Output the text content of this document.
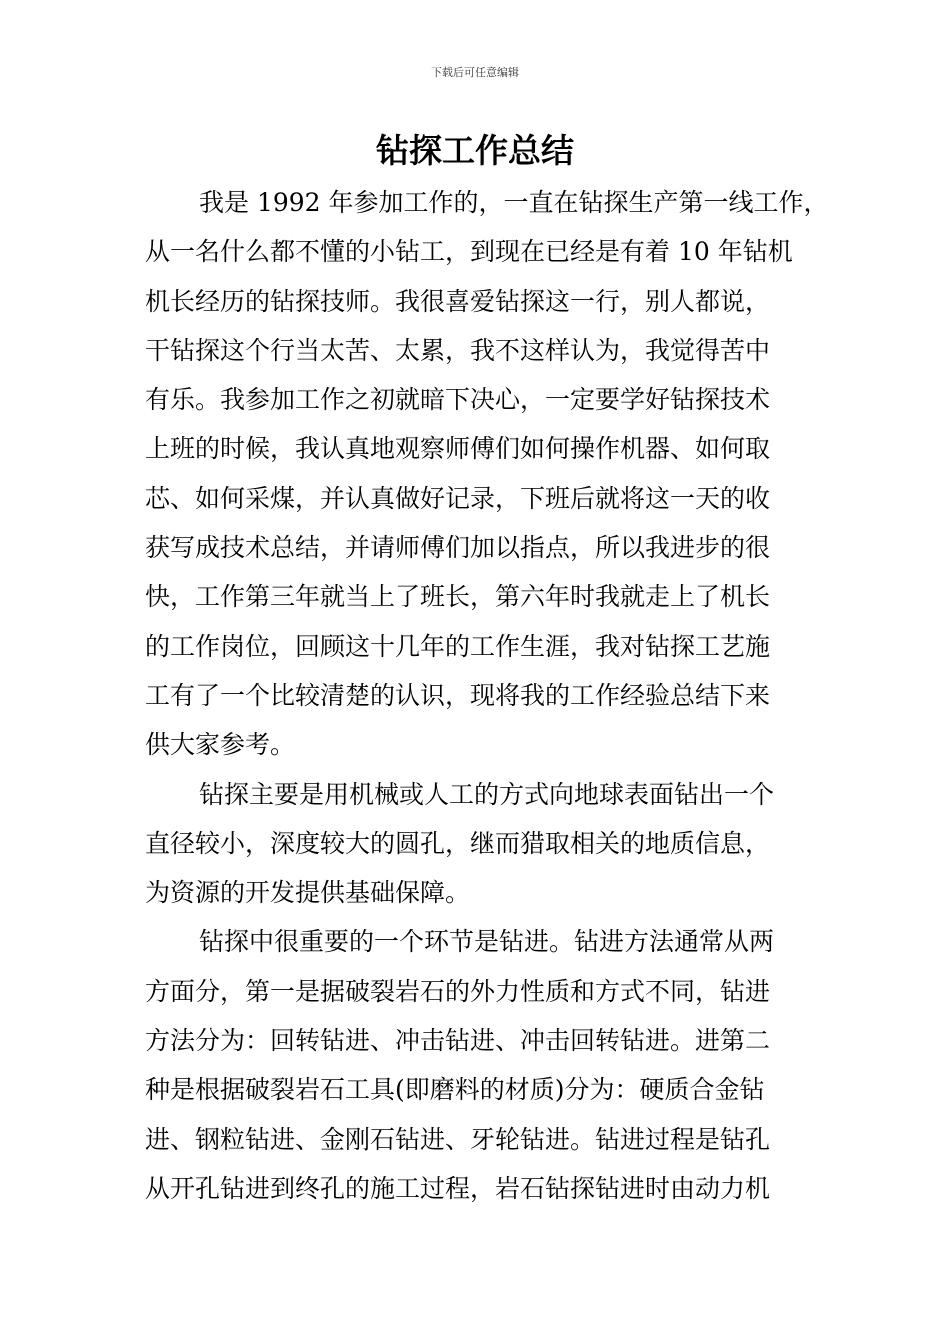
下载后可任意编辑
钻探工作总结
我是 1992 年参加工作的，一直在钻探生产第一线工作，
从一名什么都不懂的小钻工，到现在已经是有着 10 年钻机
机长经历的钻探技师。我很喜爱钻探这一行，别人都说，
干钻探这个行当太苦、太累，我不这样认为，我觉得苦中
有乐。我参加工作之初就暗下决心，一定要学好钻探技术
上班的时候，我认真地观察师傅们如何操作机器、如何取
芯、如何采煤，并认真做好记录，下班后就将这一天的收
获写成技术总结，并请师傅们加以指点，所以我进步的很
快，工作第三年就当上了班长，第六年时我就走上了机长
的工作岗位，回顾这十几年的工作生涯，我对钻探工艺施
工有了一个比较清楚的认识，现将我的工作经验总结下来
供大家参考。
钻探主要是用机械或人工的方式向地球表面钻出一个
直径较小，深度较大的圆孔，继而猎取相关的地质信息，
为资源的开发提供基础保障。
钻探中很重要的一个环节是钻进。钻进方法通常从两
方面分，第一是据破裂岩石的外力性质和方式不同，钻进
方法分为：回转钻进、冲击钻进、冲击回转钻进。进第二
种是根据破裂岩石工具(即磨料的材质)分为：硬质合金钻
进、钢粒钻进、金刚石钻进、牙轮钻进。钻进过程是钻孔
从开孔钻进到终孔的施工过程，岩石钻探钻进时由动力机
